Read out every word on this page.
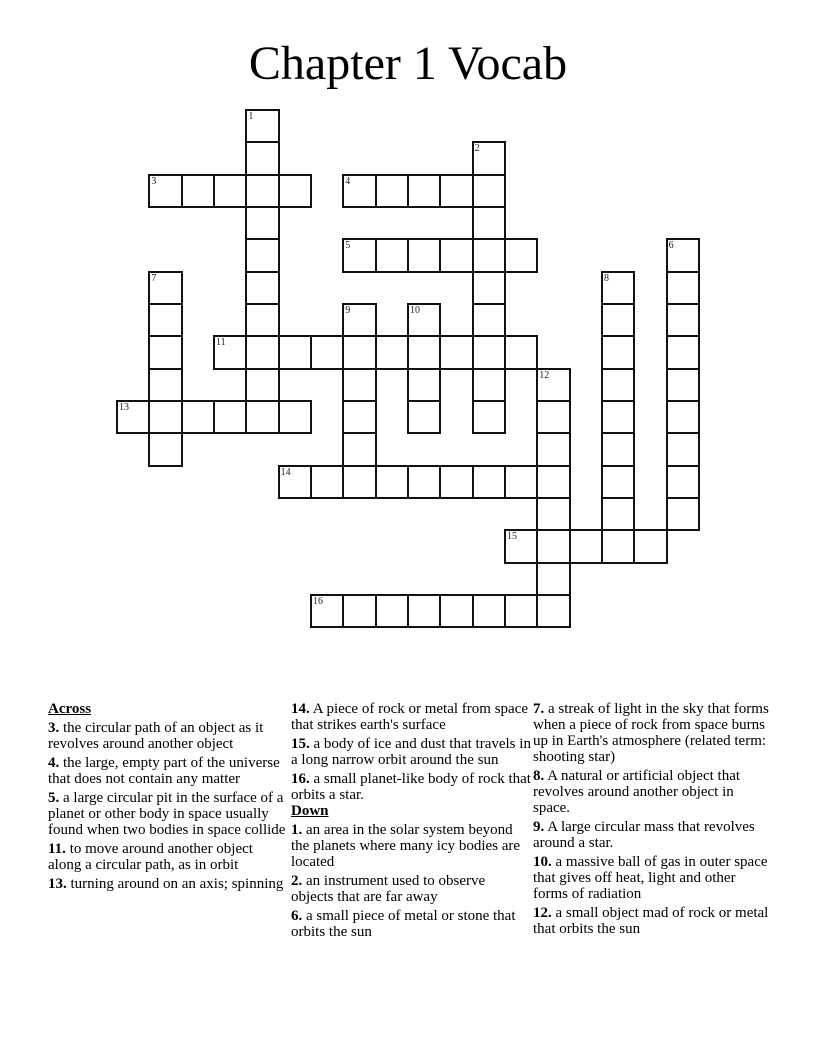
Chapter 1 Vocab
1
2
3	4
5	6
7	8
9	10
11
12
13
14
15
16
Across
3. the circular path of an object as it revolves around another object
4. the large, empty part of the universe that does not contain any matter
5. a large circular pit in the surface of a planet or other body in space usually found when two bodies in space collide
11. to move around another object along a circular path, as in orbit
13. turning around on an axis; spinning
14. A piece of rock or metal from space that strikes earth's surface
15. a body of ice and dust that travels in a long narrow orbit around the sun
16. a small planet-like body of rock that orbits a star.
Down
1. an area in the solar system beyond the planets where many icy bodies are located
2. an instrument used to observe objects that are far away
6. a small piece of metal or stone that orbits the sun
7. a streak of light in the sky that forms when a piece of rock from space burns up in Earth's atmosphere (related term: shooting star)
8. A natural or artificial object that revolves around another object in space.
9. A large circular mass that revolves around a star.
10. a massive ball of gas in outer space that gives off heat, light and other forms of radiation
12. a small object mad of rock or metal that orbits the sun
